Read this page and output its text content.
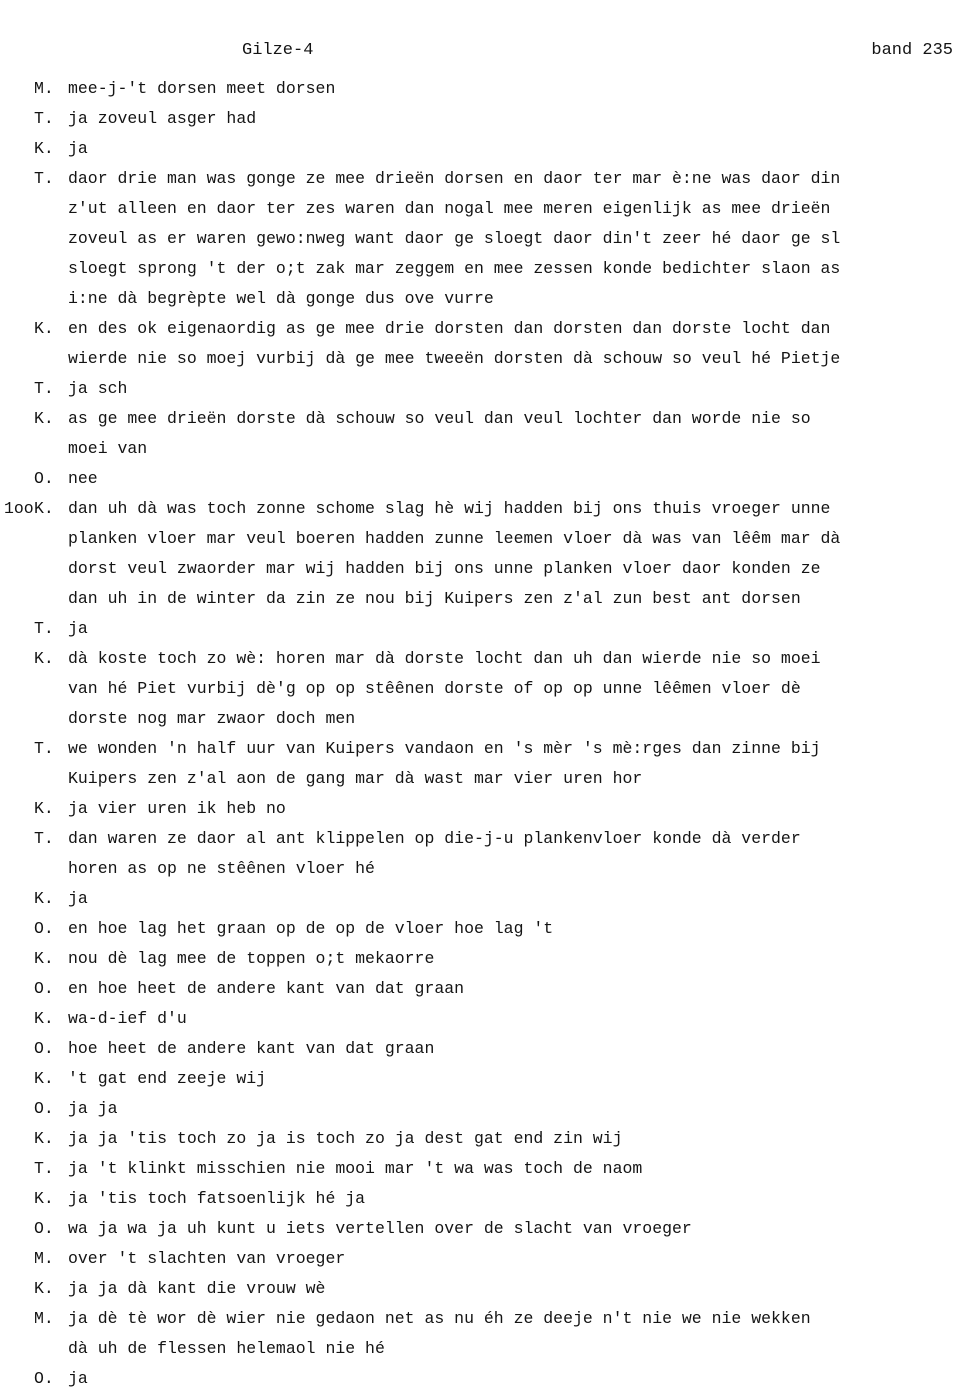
Gilze-4	band 235
M. mee-j-'t dorsen meet dorsen
T. ja zoveul asger had
K. ja
T. daor drie man was gonge ze mee drieën dorsen en daor ter mar è:ne was daor din
z'ut alleen en daor ter zes waren dan nogal mee meren eigenlijk as mee drieën
zoveul as er waren gewo:nweg want daor ge sloegt daor din't zeer hé daor ge sl
sloegt sprong 't der o;t zak mar zeggem en mee zessen konde bedichter slaon as
i:ne dà begrèpte wel dà gonge dus ove vurre
K. en des ok eigenaordig as ge mee drie dorsten dan dorsten dan dorste locht dan
wierde nie so moej vurbij dà ge mee tweeën dorsten dà schouw so veul hé Pietje
T. ja sch
K. as ge mee drieën dorste dà schouw so veul dan veul lochter dan worde nie so
moei van
O. nee
1oo K. dan uh dà was toch zonne schome slag hè wij hadden bij ons thuis vroeger unne
planken vloer mar veul boeren hadden zunne leemen vloer dà was van lêêm mar dà
dorst veul zwaorder mar wij hadden bij ons unne planken vloer daor konden ze
dan uh in de winter da zin ze nou bij Kuipers zen z'al zun best ant dorsen
T. ja
K. dà koste toch zo wè: horen mar dà dorste locht dan uh dan wierde nie so moei
van hé Piet vurbij dè'g op op stêênen dorste of op op unne lêêmen vloer dè
dorste nog mar zwaor doch men
T. we wonden 'n half uur van Kuipers vandaon en 's mèr 's mè:rges dan zinne bij
Kuipers zen z'al aon de gang mar dà wast mar vier uren hor
K. ja vier uren ik heb no
T. dan waren ze daor al ant klippelen op die-j-u plankenvloer konde dà verder
horen as op ne stêênen vloer hé
K. ja
O. en hoe lag het graan op de op de vloer hoe lag 't
K. nou dè lag mee de toppen o;t mekaorre
O. en hoe heet de andere kant van dat graan
K. wa-d-ief d'u
O. hoe heet de andere kant van dat graan
K. 't gat end zeeje wij
O. ja ja
K. ja ja 'tis toch zo ja is toch zo ja dest gat end zin wij
T. ja 't klinkt misschien nie mooi mar 't wa was toch de naom
K. ja 'tis toch fatsoenlijk hé ja
O. wa ja wa ja uh kunt u iets vertellen over de slacht van vroeger
M. over 't slachten van vroeger
K. ja ja dà kant die vrouw wè
M. ja dè tè wor dè wier nie gedaon net as nu éh ze deeje n't nie we nie wekken
dà uh de flessen helemaol nie hé
O. ja
